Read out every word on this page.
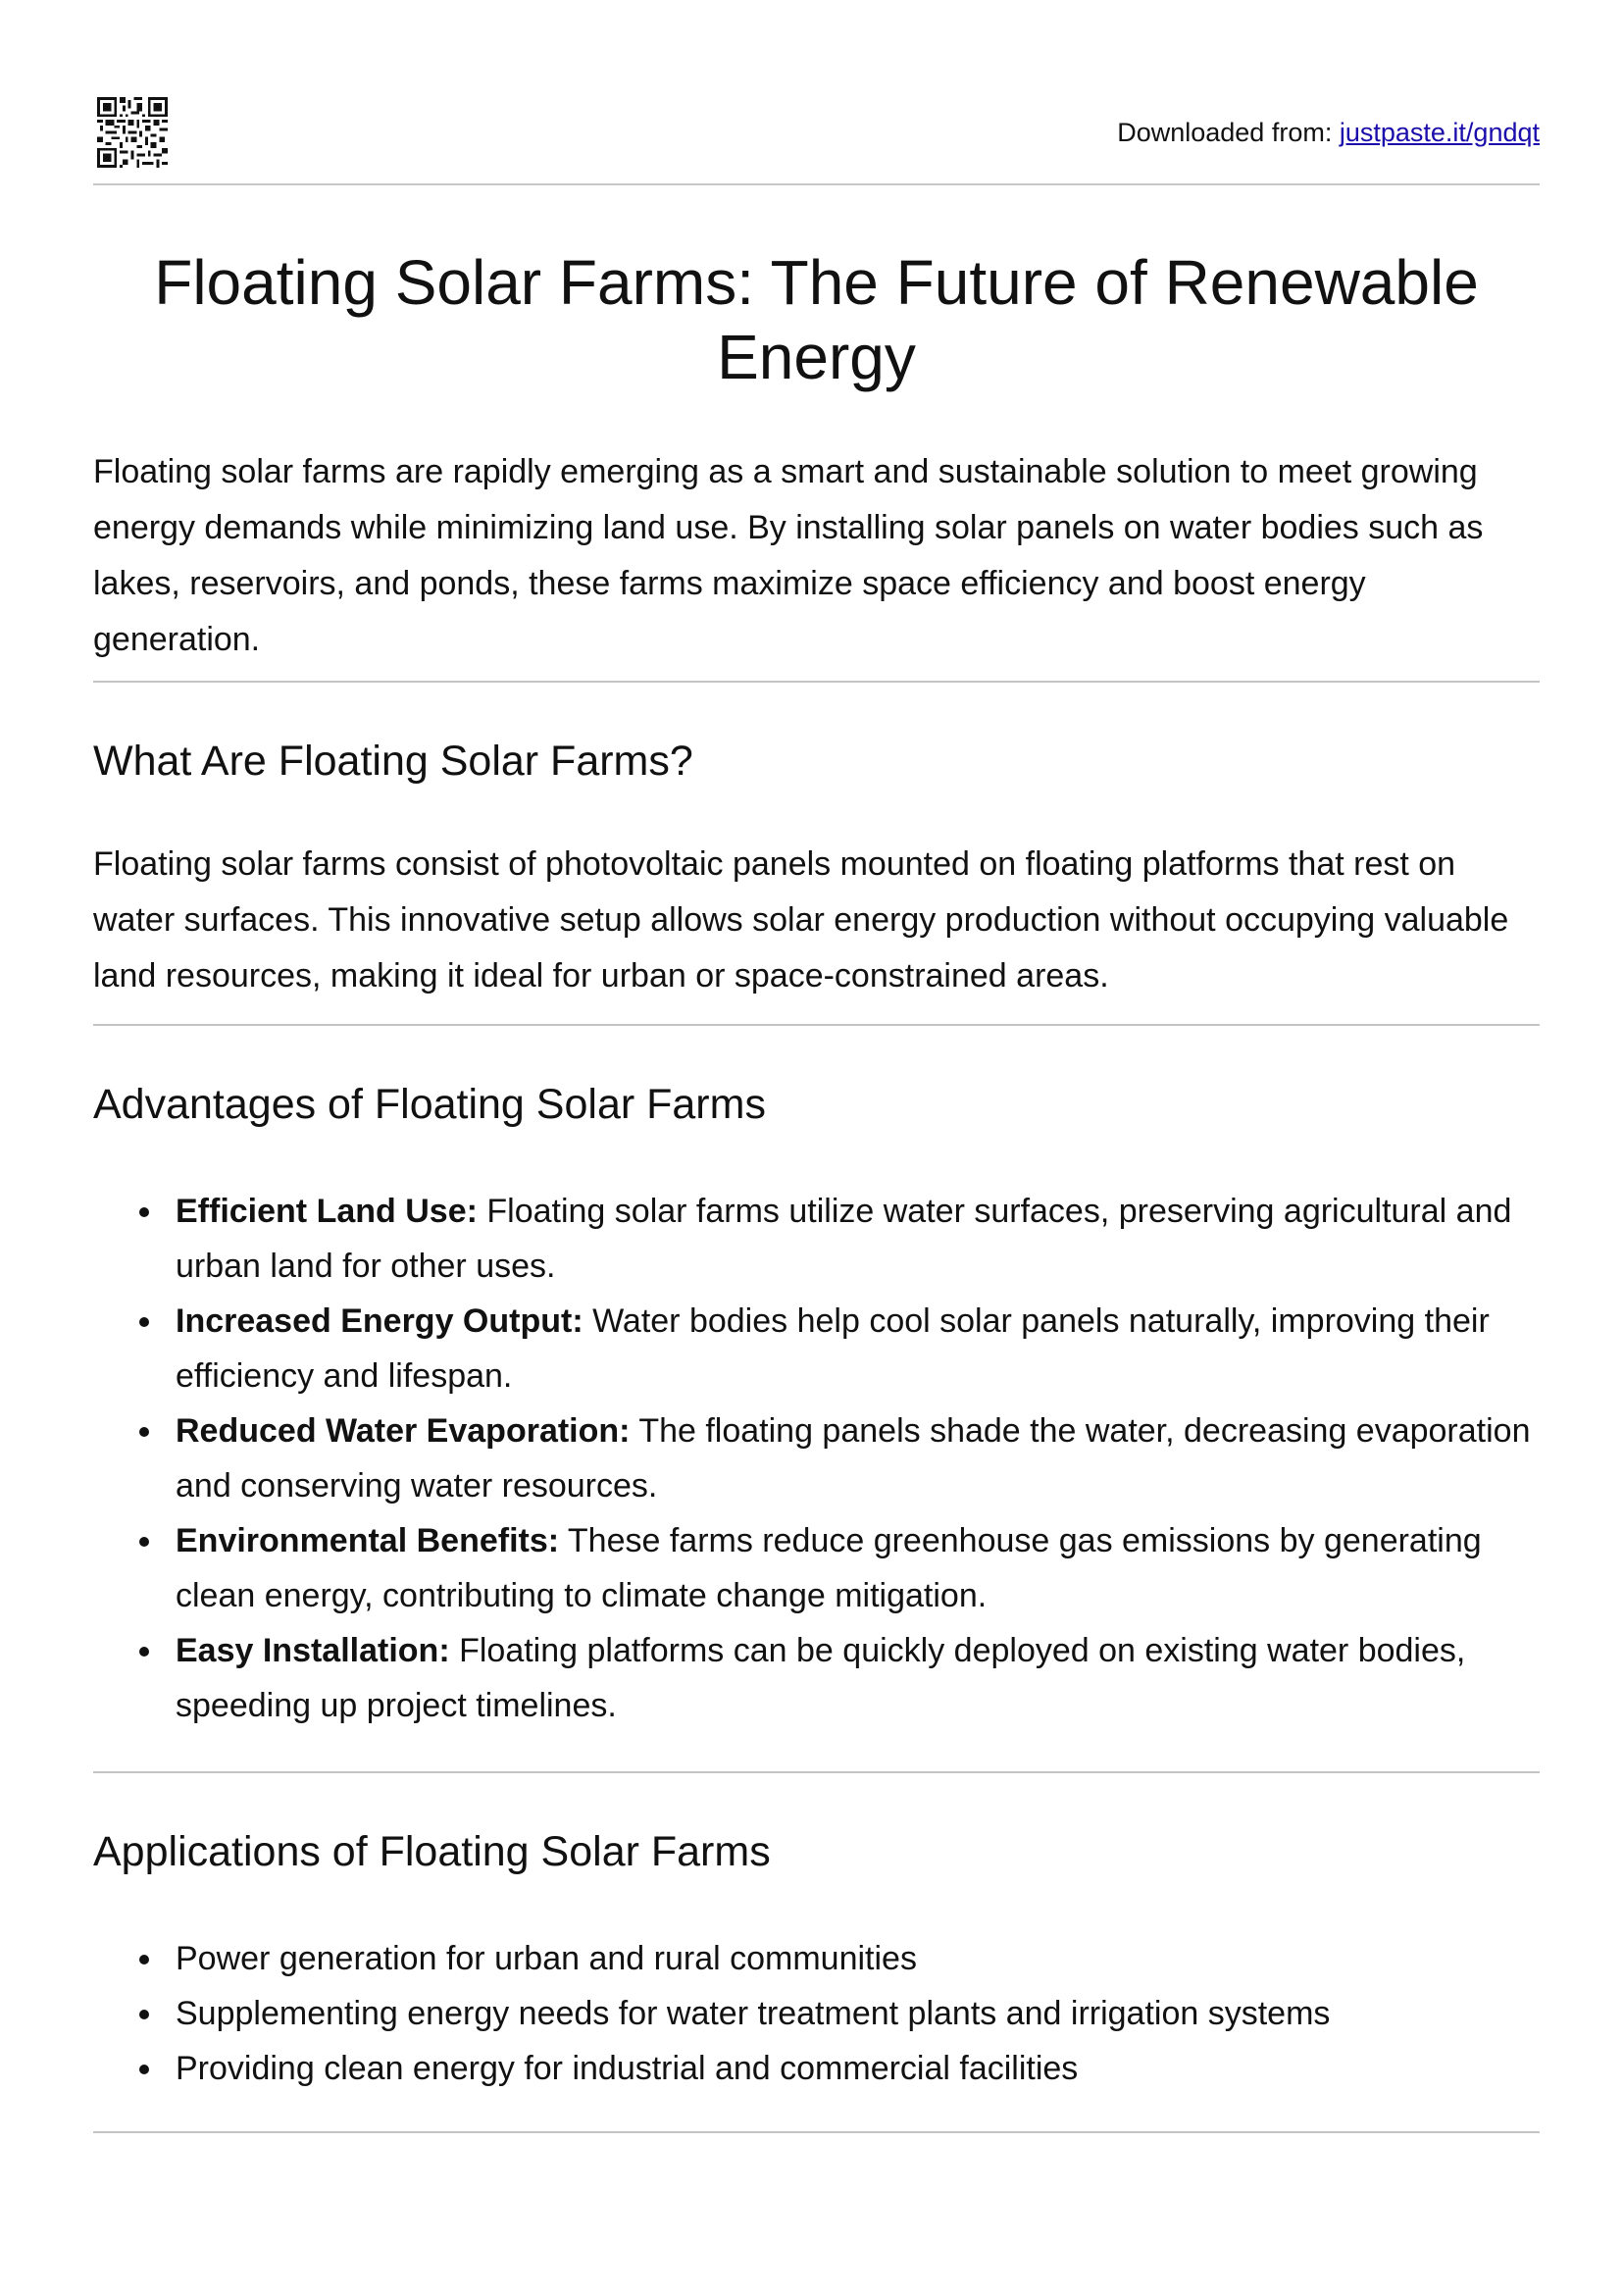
Downloaded from: justpaste.it/gndqt
Floating Solar Farms: The Future of Renewable Energy

Floating solar farms are rapidly emerging as a smart and sustainable solution to meet growing energy demands while minimizing land use. By installing solar panels on water bodies such as lakes, reservoirs, and ponds, these farms maximize space efficiency and boost energy generation.

What Are Floating Solar Farms?

Floating solar farms consist of photovoltaic panels mounted on floating platforms that rest on water surfaces. This innovative setup allows solar energy production without occupying valuable land resources, making it ideal for urban or space-constrained areas.

Advantages of Floating Solar Farms
Efficient Land Use: Floating solar farms utilize water surfaces, preserving agricultural and urban land for other uses.
Increased Energy Output: Water bodies help cool solar panels naturally, improving their efficiency and lifespan.
Reduced Water Evaporation: The floating panels shade the water, decreasing evaporation and conserving water resources.
Environmental Benefits: These farms reduce greenhouse gas emissions by generating clean energy, contributing to climate change mitigation.
Easy Installation: Floating platforms can be quickly deployed on existing water bodies, speeding up project timelines.
Applications of Floating Solar Farms
Power generation for urban and rural communities
Supplementing energy needs for water treatment plants and irrigation systems
Providing clean energy for industrial and commercial facilities
